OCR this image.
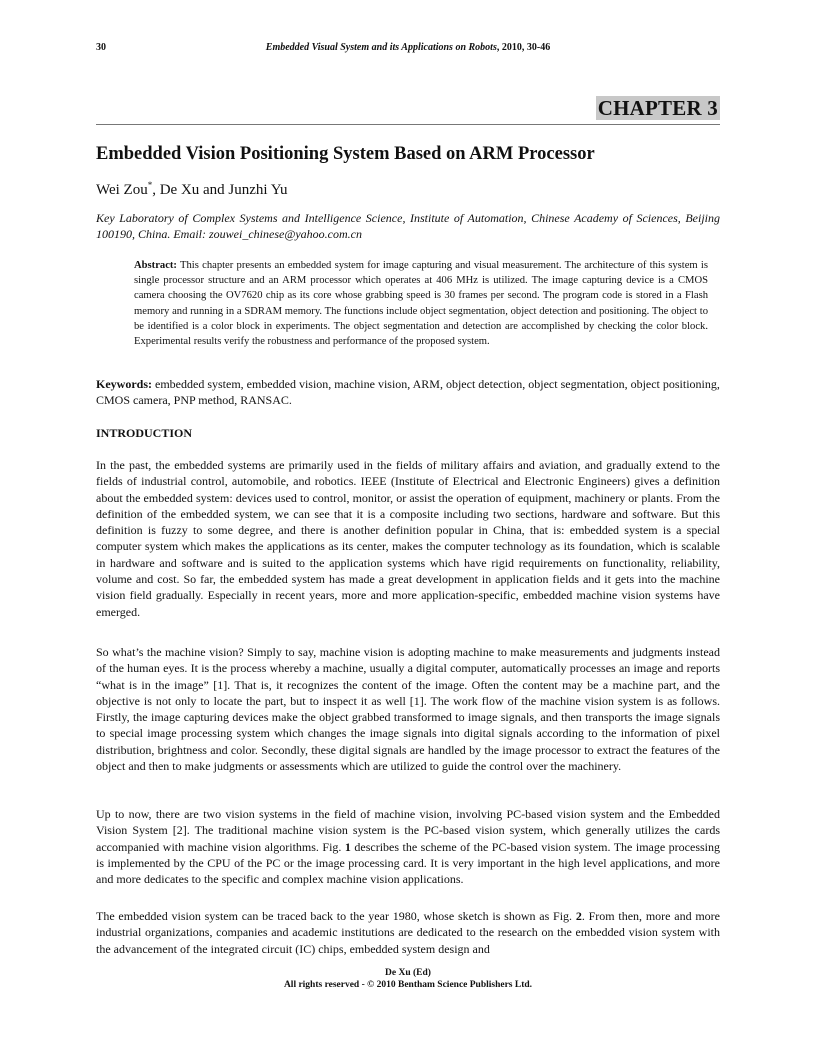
30	Embedded Visual System and its Applications on Robots, 2010, 30-46
CHAPTER 3
Embedded Vision Positioning System Based on ARM Processor
Wei Zou*, De Xu and Junzhi Yu
Key Laboratory of Complex Systems and Intelligence Science, Institute of Automation, Chinese Academy of Sciences, Beijing 100190, China. Email: zouwei_chinese@yahoo.com.cn
Abstract: This chapter presents an embedded system for image capturing and visual measurement. The architecture of this system is single processor structure and an ARM processor which operates at 406 MHz is utilized. The image capturing device is a CMOS camera choosing the OV7620 chip as its core whose grabbing speed is 30 frames per second. The program code is stored in a Flash memory and running in a SDRAM memory. The functions include object segmentation, object detection and positioning. The object to be identified is a color block in experiments. The object segmentation and detection are accomplished by checking the color block. Experimental results verify the robustness and performance of the proposed system.
Keywords: embedded system, embedded vision, machine vision, ARM, object detection, object segmentation, object positioning, CMOS camera, PNP method, RANSAC.
INTRODUCTION

In the past, the embedded systems are primarily used in the fields of military affairs and aviation, and gradually extend to the fields of industrial control, automobile, and robotics. IEEE (Institute of Electrical and Electronic Engineers) gives a definition about the embedded system: devices used to control, monitor, or assist the operation of equipment, machinery or plants. From the definition of the embedded system, we can see that it is a composite including two sections, hardware and software. But this definition is fuzzy to some degree, and there is another definition popular in China, that is: embedded system is a special computer system which makes the applications as its center, makes the computer technology as its foundation, which is scalable in hardware and software and is suited to the application systems which have rigid requirements on functionality, reliability, volume and cost. So far, the embedded system has made a great development in application fields and it gets into the machine vision field gradually. Especially in recent years, more and more application-specific, embedded machine vision systems have emerged.

So what’s the machine vision? Simply to say, machine vision is adopting machine to make measurements and judgments instead of the human eyes. It is the process whereby a machine, usually a digital computer, automatically processes an image and reports “what is in the image” [1]. That is, it recognizes the content of the image. Often the content may be a machine part, and the objective is not only to locate the part, but to inspect it as well [1]. The work flow of the machine vision system is as follows. Firstly, the image capturing devices make the object grabbed transformed to image signals, and then transports the image signals to special image processing system which changes the image signals into digital signals according to the information of pixel distribution, brightness and color. Secondly, these digital signals are handled by the image processor to extract the features of the object and then to make judgments or assessments which are utilized to guide the control over the machinery.

Up to now, there are two vision systems in the field of machine vision, involving PC-based vision system and the Embedded Vision System [2]. The traditional machine vision system is the PC-based vision system, which generally utilizes the cards accompanied with machine vision algorithms. Fig. 1 describes the scheme of the PC-based vision system. The image processing is implemented by the CPU of the PC or the image processing card. It is very important in the high level applications, and more and more dedicates to the specific and complex machine vision applications.

The embedded vision system can be traced back to the year 1980, whose sketch is shown as Fig. 2. From then, more and more industrial organizations, companies and academic institutions are dedicated to the research on the embedded vision system with the advancement of the integrated circuit (IC) chips, embedded system design and

De Xu (Ed)
All rights reserved - © 2010 Bentham Science Publishers Ltd.
